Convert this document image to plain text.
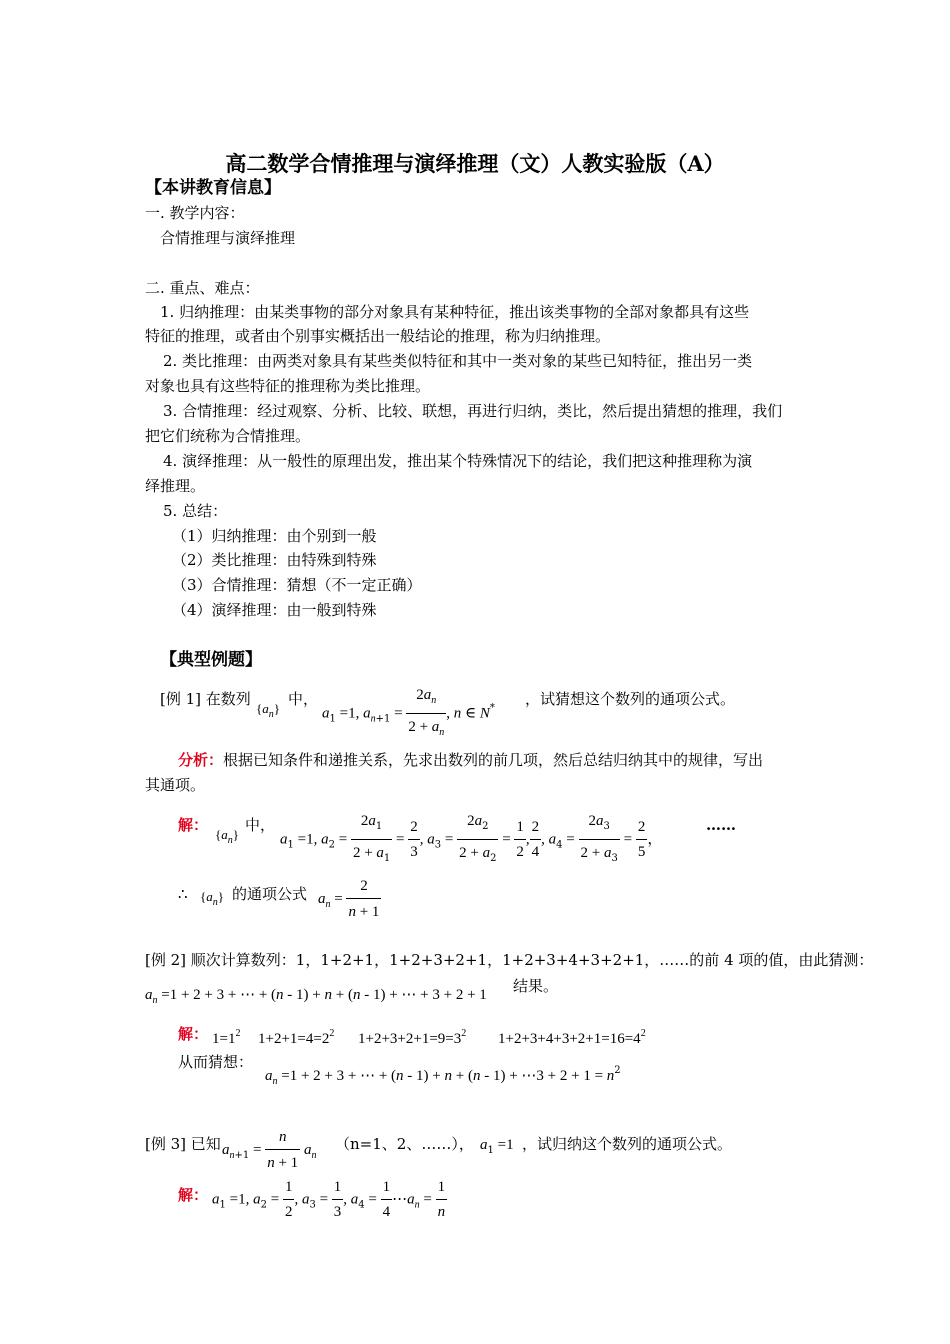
高二数学合情推理与演绎推理（文）人教实验版（A）
【本讲教育信息】
一. 教学内容：
合情推理与演绎推理
二. 重点、难点：
1. 归纳推理：由某类事物的部分对象具有某种特征，推出该类事物的全部对象都具有这些
特征的推理，或者由个别事实概括出一般结论的推理，称为归纳推理。
2. 类比推理：由两类对象具有某些类似特征和其中一类对象的某些已知特征，推出另一类
对象也具有这些特征的推理称为类比推理。
3. 合情推理：经过观察、分析、比较、联想，再进行归纳，类比，然后提出猜想的推理，我们
把它们统称为合情推理。
4. 演绎推理：从一般性的原理出发，推出某个特殊情况下的结论，我们把这种推理称为演
绎推理。
5. 总结：
（1）归纳推理：由个别到一般
（2）类比推理：由特殊到特殊
（3）合情推理：猜想（不一定正确）
（4）演绎推理：由一般到特殊
【典型例题】
[例 1] 在数列
$\{a_n\}$
中，
$a_1 =1$, $a_{n+1} = \frac{2a_n}{2 + a_n}$ , n ∈ N* ，试猜想这个数列的通项公式。
分析：根据已知条件和递推关系，先求出数列的前几项，然后总结归纳其中的规律，写出
其通项。
解：
$\{a_n\}$
中，
$a_1 =1$, $a_2 = \frac{2a_1}{2 + a_1} = \frac{2}{3}$ , $a_3 = \frac{2a_2}{2 + a_2} = \frac{1}{2}$ , $\frac{2}{4}$ , $a_4 = \frac{2a_3}{2 + a_3} = \frac{2}{5}$ ，
……
∴ $\{a_n\}$ 的通项公式 $a_n = \frac{2}{n + 1}$
[例 2] 顺次计算数列：1，1+2+1，1+2+3+2+1，1+2+3+4+3+2+1，……的前 4 项的值，由此猜测：
$a_n =1 + 2 + 3$ + ⋯ + (n - 1) + n + (n - 1) + ⋯ + 3 + 2 + 1 结果。
解： $1=1^2$ $1+2+1=4=2^2$ $1+2+3+2+1=9=3^2$ $1+2+3+4+3+2+1=16=4^2$
从而猜想：
$a_n =1 + 2 + 3$ + ⋯ + (n - 1) + n + (n - 1) + ⋯3 + $2 + 1 = n^2$
[例 3] 已知 $a_{n+1} = \frac{n}{n + 1} a_n$
（n=1、2、……）， $a_1 =1$ ，试归纳这个数列的通项公式。
解： $a_1 =1$, $a_2 = \frac{1}{2}$ , $a_3 = \frac{1}{3}$ , $a_4 = \frac{1}{4}$ $\cdots a_n = \frac{1}{n}$
